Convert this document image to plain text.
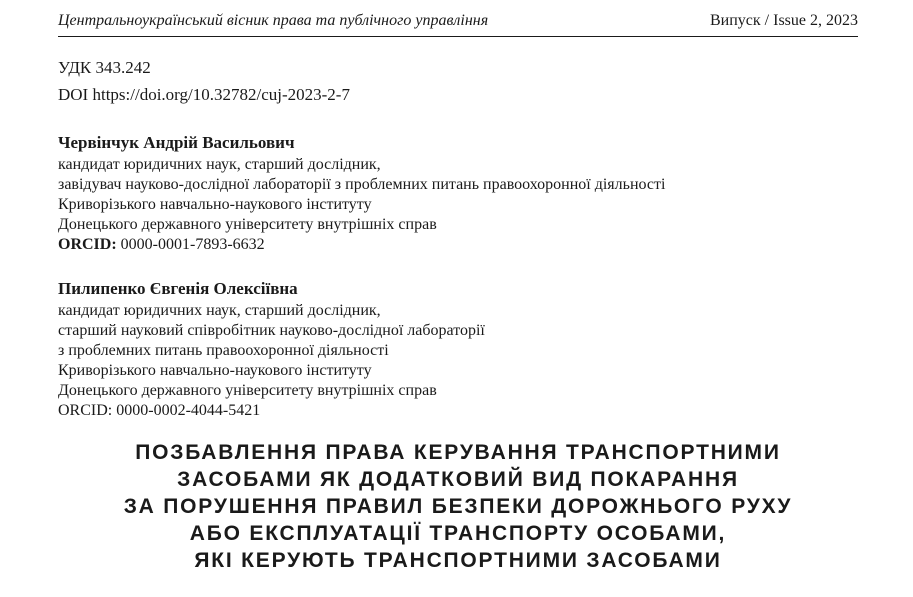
Центральноукраїнський вісник права та публічного управління	Випуск / Issue 2, 2023
УДК 343.242
DOI https://doi.org/10.32782/cuj-2023-2-7
Червінчук Андрій Васильович
кандидат юридичних наук, старший дослідник,
завідувач науково-дослідної лабораторії з проблемних питань правоохоронної діяльності
Криворізького навчально-наукового інституту
Донецького державного університету внутрішніх справ
ORCID: 0000-0001-7893-6632
Пилипенко Євгенія Олексіївна
кандидат юридичних наук, старший дослідник,
старший науковий співробітник науково-дослідної лабораторії
з проблемних питань правоохоронної діяльності
Криворізького навчально-наукового інституту
Донецького державного університету внутрішніх справ
ORCID: 0000-0002-4044-5421
ПОЗБАВЛЕННЯ ПРАВА КЕРУВАННЯ ТРАНСПОРТНИМИ
ЗАСОБАМИ ЯК ДОДАТКОВИЙ ВИД ПОКАРАННЯ
ЗА ПОРУШЕННЯ ПРАВИЛ БЕЗПЕКИ ДОРОЖНЬОГО РУХУ
АБО ЕКСПЛУАТАЦІЇ ТРАНСПОРТУ ОСОБАМИ,
ЯКІ КЕРУЮТЬ ТРАНСПОРТНИМИ ЗАСОБАМИ
